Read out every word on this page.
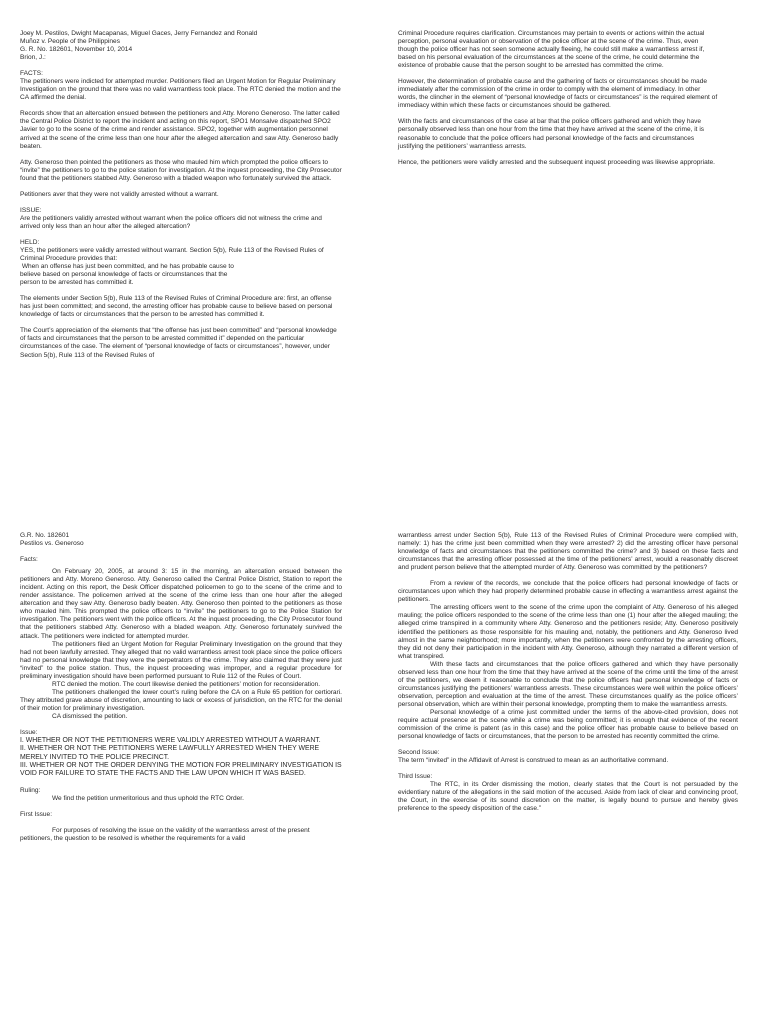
Joey M. Pestilos, Dwight Macapanas, Miguel Gaces, Jerry Fernandez and Ronald

Muñoz v. People of the Philippines

G. R. No. 182601, November 10, 2014

Brion, J.:

FACTS:

The petitioners were indicted for attempted murder. Petitioners filed an Urgent Motion for Regular Preliminary Investigation on the ground that there was no valid warrantless took place. The RTC denied the motion and the CA affirmed the denial.

Records show that an altercation ensued between the petitioners and Atty. Moreno Generoso. The latter called the Central Police District to report the incident and acting on this report, SPO1 Monsalve dispatched SPO2 Javier to go to the scene of the crime and render assistance. SPO2, together with augmentation personnel arrived at the scene of the crime less than one hour after the alleged altercation and saw Atty. Generoso badly beaten.

Atty. Generoso then pointed the petitioners as those who mauled him which prompted the police officers to “invite” the petitioners to go to the police station for investigation. At the inquest proceeding, the City Prosecutor found that the petitioners stabbed Atty. Generoso with a bladed weapon who fortunately survived the attack.

Petitioners aver that they were not validly arrested without a warrant.

ISSUE:

Are the petitioners validly arrested without warrant when the police officers did not witness the crime and arrived only less than an hour after the alleged altercation?

HELD:

YES, the petitioners were validly arrested without warrant. Section 5(b), Rule 113 of the Revised Rules of Criminal Procedure provides that:

When an offense has just been committed, and he has probable cause to
believe based on personal knowledge of facts or circumstances that the
person to be arrested has committed it.

The elements under Section 5(b), Rule 113 of the Revised Rules of Criminal Procedure are: first, an offense has just been committed; and second, the arresting officer has probable cause to believe based on personal knowledge of facts or circumstances that the person to be arrested has committed it.

The Court’s appreciation of the elements that “the offense has just been committed” and “personal knowledge of facts and circumstances that the person to be arrested committed it” depended on the particular circumstances of the case. The element of “personal knowledge of facts or circumstances”, however, under Section 5(b), Rule 113 of the Revised Rules of

Criminal Procedure requires clarification. Circumstances may pertain to events or actions within the actual perception, personal evaluation or observation of the police officer at the scene of the crime. Thus, even though the police officer has not seen someone actually fleeing, he could still make a warrantless arrest if, based on his personal evaluation of the circumstances at the scene of the crime, he could determine the existence of probable cause that the person sought to be arrested has committed the crime.

However, the determination of probable cause and the gathering of facts or circumstances should be made immediately after the commission of the crime in order to comply with the element of immediacy. In other words, the clincher in the element of “personal knowledge of facts or circumstances” is the required element of immediacy within which these facts or circumstances should be gathered.

With the facts and circumstances of the case at bar that the police officers gathered and which they have personally observed less than one hour from the time that they have arrived at the scene of the crime, it is reasonable to conclude that the police officers had personal knowledge of the facts and circumstances justifying the petitioners’ warrantless arrests.

Hence, the petitioners were validly arrested and the subsequent inquest proceeding was likewise appropriate.

G.R. No. 182601

Pestilos vs. Generoso

Facts:

On February 20, 2005, at around 3: 15 in the morning, an altercation ensued between the petitioners and Atty. Moreno Generoso. Atty. Generoso called the Central Police District, Station to report the incident. Acting on this report, the Desk Officer dispatched policemen to go to the scene of the crime and to render assistance. The policemen arrived at the scene of the crime less than one hour after the alleged altercation and they saw Atty. Generoso badly beaten. Atty. Generoso then pointed to the petitioners as those who mauled him. This prompted the police officers to “invite” the petitioners to go to the Police Station for investigation. The petitioners went with the police officers. At the inquest proceeding, the City Prosecutor found that the petitioners stabbed Atty. Generoso with a bladed weapon. Atty. Generoso fortunately survived the attack. The petitioners were indicted for attempted murder.

The petitioners filed an Urgent Motion for Regular Preliminary Investigation on the ground that they had not been lawfully arrested. They alleged that no valid warrantless arrest took place since the police officers had no personal knowledge that they were the perpetrators of the crime. They also claimed that they were just “invited” to the police station. Thus, the inquest proceeding was improper, and a regular procedure for preliminary investigation should have been performed pursuant to Rule 112 of the Rules of Court.

RTC denied the motion. The court likewise denied the petitioners’ motion for reconsideration.

The petitioners challenged the lower court’s ruling before the CA on a Rule 65 petition for certiorari. They attributed grave abuse of discretion, amounting to lack or excess of jurisdiction, on the RTC for the denial of their motion for preliminary investigation.

CA dismissed the petition.

Issue:

I. WHETHER OR NOT THE PETITIONERS WERE VALIDLY ARRESTED WITHOUT A WARRANT.

II. WHETHER OR NOT THE PETITIONERS WERE LAWFULLY ARRESTED WHEN THEY WERE MERELY INVITED TO THE POLICE PRECINCT.

III. WHETHER OR NOT THE ORDER DENYING THE MOTION FOR PRELIMINARY INVESTIGATION IS VOID FOR FAILURE TO STATE THE FACTS AND THE LAW UPON WHICH IT WAS BASED.

Ruling:

We find the petition unmeritorious and thus uphold the RTC Order.

First Issue:

For purposes of resolving the issue on the validity of the warrantless arrest of the present petitioners, the question to be resolved is whether the requirements for a valid

warrantless arrest under Section 5(b), Rule 113 of the Revised Rules of Criminal Procedure were complied with, namely: 1) has the crime just been committed when they were arrested? 2) did the arresting officer have personal knowledge of facts and circumstances that the petitioners committed the crime? and 3) based on these facts and circumstances that the arresting officer possessed at the time of the petitioners’ arrest, would a reasonably discreet and prudent person believe that the attempted murder of Atty. Generoso was committed by the petitioners?

From a review of the records, we conclude that the police officers had personal knowledge of facts or circumstances upon which they had properly determined probable cause in effecting a warrantless arrest against the petitioners.

The arresting officers went to the scene of the crime upon the complaint of Atty. Generoso of his alleged mauling; the police officers responded to the scene of the crime less than one (1) hour after the alleged mauling; the alleged crime transpired in a community where Atty. Generoso and the petitioners reside; Atty. Generoso positively identified the petitioners as those responsible for his mauling and, notably, the petitioners and Atty. Generoso lived almost in the same neighborhood; more importantly, when the petitioners were confronted by the arresting officers, they did not deny their participation in the incident with Atty. Generoso, although they narrated a different version of what transpired.

With these facts and circumstances that the police officers gathered and which they have personally observed less than one hour from the time that they have arrived at the scene of the crime until the time of the arrest of the petitioners, we deem it reasonable to conclude that the police officers had personal knowledge of facts or circumstances justifying the petitioners’ warrantless arrests. These circumstances were well within the police officers’ observation, perception and evaluation at the time of the arrest. These circumstances qualify as the police officers’ personal observation, which are within their personal knowledge, prompting them to make the warrantless arrests.

Personal knowledge of a crime just committed under the terms of the above-cited provision, does not require actual presence at the scene while a crime was being committed; it is enough that evidence of the recent commission of the crime is patent (as in this case) and the police officer has probable cause to believe based on personal knowledge of facts or circumstances, that the person to be arrested has recently committed the crime.

Second Issue:

The term “invited” in the Affidavit of Arrest is construed to mean as an authoritative command.

Third Issue:

The RTC, in its Order dismissing the motion, clearly states that the Court is not persuaded by the evidentiary nature of the allegations in the said motion of the accused. Aside from lack of clear and convincing proof, the Court, in the exercise of its sound discretion on the matter, is legally bound to pursue and hereby gives preference to the speedy disposition of the case.”
